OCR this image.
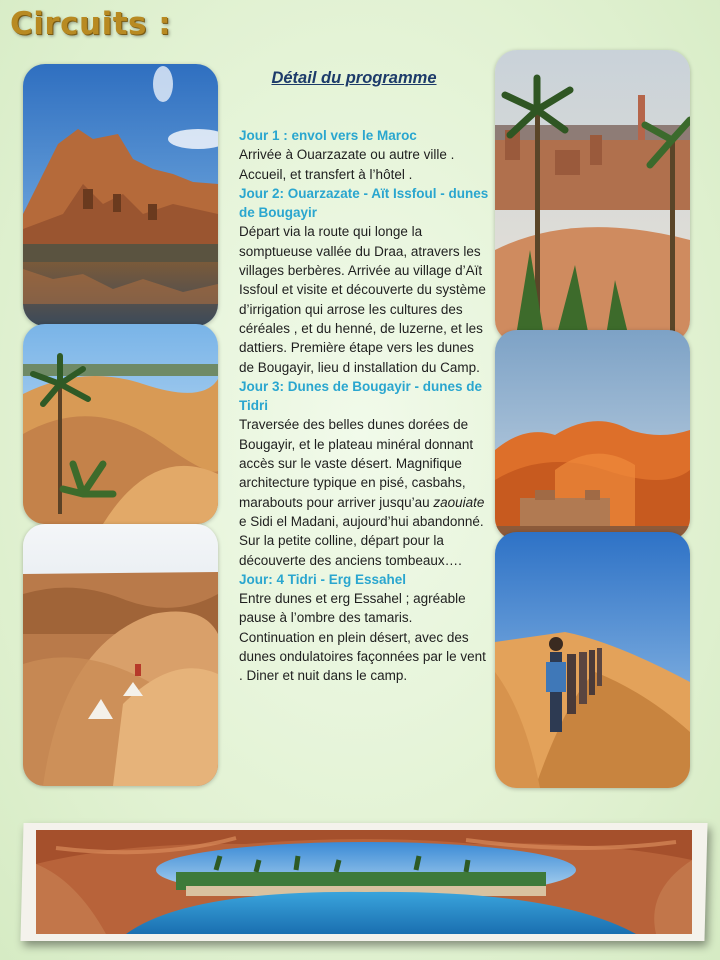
Circuits :
Détail du programme

Jour 1 : envol vers le Maroc

Arrivée à Ouarzazate ou autre ville . Accueil, et transfert à l’hôtel .

Jour 2: Ouarzazate - Aït Issfoul - dunes de Bougayir

Départ via la route qui longe la somptueuse vallée du Draa, atravers les villages berbères. Arrivée au village d’Aït Issfoul et visite et découverte du système d’irrigation qui arrose les cultures des céréales , et du henné, de luzerne, et les dattiers. Première étape vers les dunes de Bougayir, lieu d installation du Camp.

Jour 3: Dunes de Bougayir - dunes de Tidri

Traversée des belles dunes dorées de Bougayir, et le plateau minéral donnant accès sur le vaste désert. Magnifique architecture typique en pisé, casbahs, marabouts pour arriver jusqu’au zaouiate e Sidi el Madani, aujourd’hui abandonné. Sur la petite colline, départ pour la découverte des anciens tombeaux….

Jour: 4 Tidri - Erg Essahel

Entre dunes et erg Essahel ; agréable pause à l’ombre des tamaris. Continuation en plein désert, avec des dunes ondulatoires façonnées par le vent . Diner et nuit dans le camp.
